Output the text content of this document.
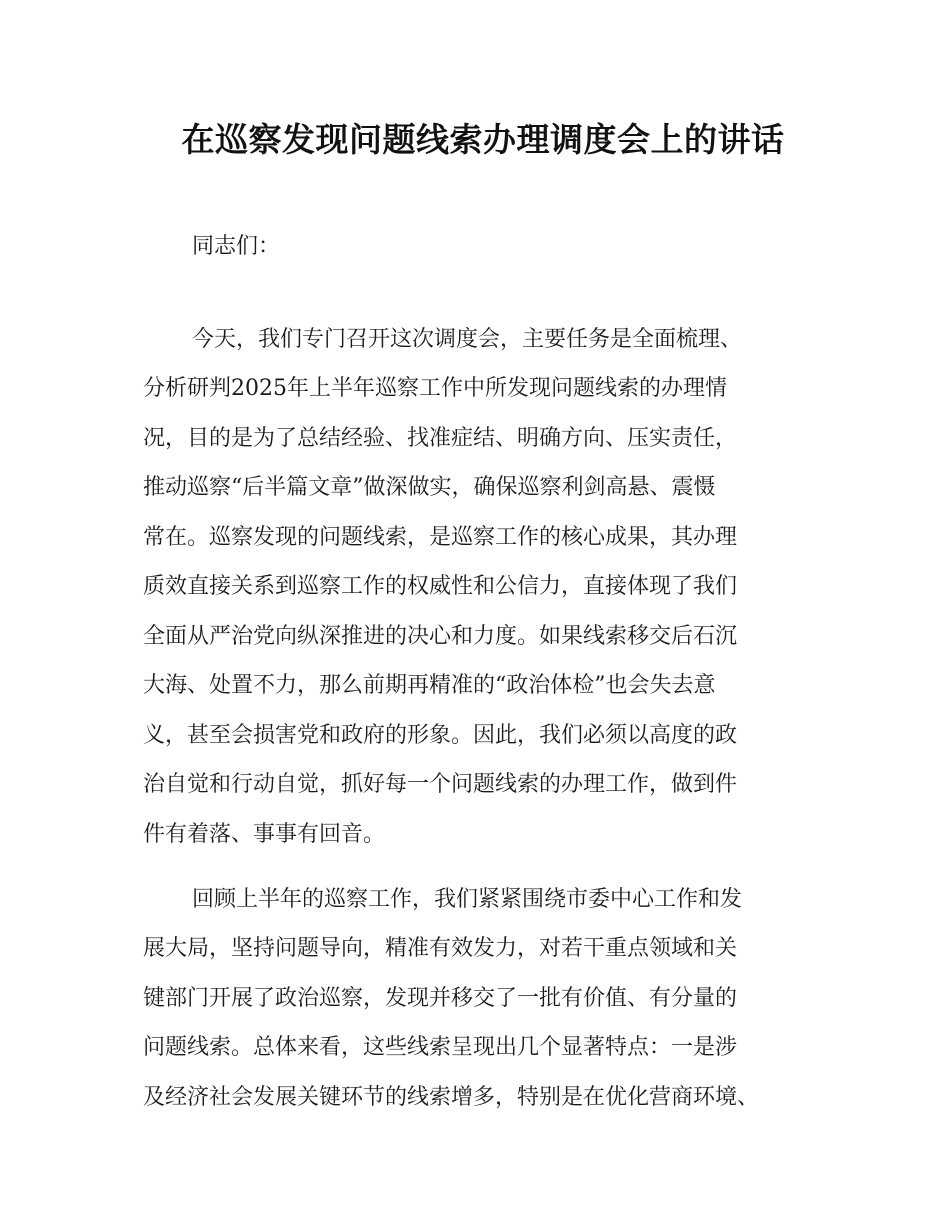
在巡察发现问题线索办理调度会上的讲话

同志们：

今天，我们专门召开这次调度会，主要任务是全面梳理、

分析研判2025年上半年巡察工作中所发现问题线索的办理情

况，目的是为了总结经验、找准症结、明确方向、压实责任，

推动巡察“后半篇文章”做深做实，确保巡察利剑高悬、震慑

常在。巡察发现的问题线索，是巡察工作的核心成果，其办理

质效直接关系到巡察工作的权威性和公信力，直接体现了我们

全面从严治党向纵深推进的决心和力度。如果线索移交后石沉

大海、处置不力，那么前期再精准的“政治体检”也会失去意

义，甚至会损害党和政府的形象。因此，我们必须以高度的政

治自觉和行动自觉，抓好每一个问题线索的办理工作，做到件

件有着落、事事有回音。

回顾上半年的巡察工作，我们紧紧围绕市委中心工作和发

展大局，坚持问题导向，精准有效发力，对若干重点领域和关

键部门开展了政治巡察，发现并移交了一批有价值、有分量的

问题线索。总体来看，这些线索呈现出几个显著特点：一是涉

及经济社会发展关键环节的线索增多，特别是在优化营商环境、
